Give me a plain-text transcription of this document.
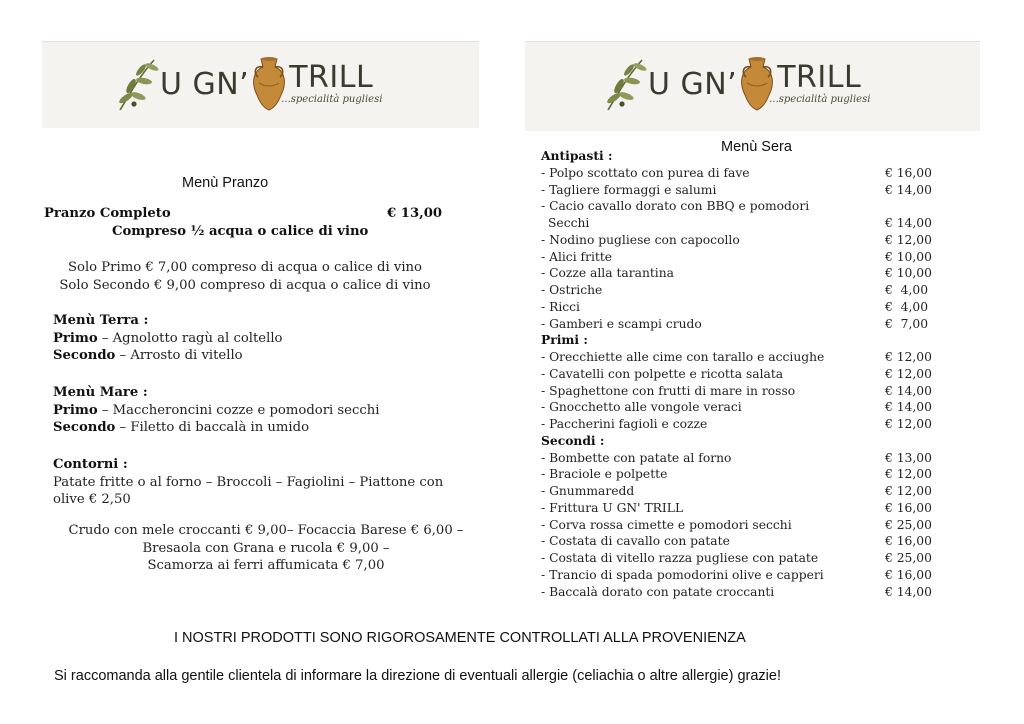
U GN’ TRILL
...specialità pugliesi	U GN’ TRILL
...specialità pugliesi
Menù Pranzo
Pranzo Completo	€ 13,00
Compreso ½ acqua o calice di vino
Solo Primo € 7,00 compreso di acqua o calice di vino
Solo Secondo € 9,00 compreso di acqua o calice di vino
Menù Terra :
Primo – Agnolotto ragù al coltello
Secondo – Arrosto di vitello
Menù Mare :
Primo – Maccheroncini cozze e pomodori secchi
Secondo – Filetto di baccalà in umido
Contorni :
Patate fritte o al forno – Broccoli – Fagiolini – Piattone con
olive € 2,50
Crudo con mele croccanti € 9,00– Focaccia Barese € 6,00 –
Bresaola con Grana e rucola € 9,00 –
Scamorza ai ferri affumicata € 7,00
Menù Sera
Antipasti :
- Polpo scottato con purea di fave	€ 16,00
- Tagliere formaggi e salumi	€ 14,00
- Cacio cavallo dorato con BBQ e pomodori
Secchi	€ 14,00
- Nodino pugliese con capocollo	€ 12,00
- Alici fritte	€ 10,00
- Cozze alla tarantina	€ 10,00
- Ostriche	€  4,00
- Ricci	€  4,00
- Gamberi e scampi crudo	€  7,00
Primi :
- Orecchiette alle cime con tarallo e acciughe	€ 12,00
- Cavatelli con polpette e ricotta salata	€ 12,00
- Spaghettone con frutti di mare in rosso	€ 14,00
- Gnocchetto alle vongole veraci	€ 14,00
- Paccherini fagioli e cozze	€ 12,00
Secondi :
- Bombette con patate al forno	€ 13,00
- Braciole e polpette	€ 12,00
- Gnummaredd	€ 12,00
- Frittura U GN' TRILL	€ 16,00
- Corva rossa cimette e pomodori secchi	€ 25,00
- Costata di cavallo con patate	€ 16,00
- Costata di vitello razza pugliese con patate	€ 25,00
- Trancio di spada pomodorini olive e capperi	€ 16,00
- Baccalà dorato con patate croccanti	€ 14,00
I NOSTRI PRODOTTI SONO RIGOROSAMENTE CONTROLLATI ALLA PROVENIENZA
Si raccomanda alla gentile clientela di informare la direzione di eventuali allergie (celiachia o altre allergie) grazie!
